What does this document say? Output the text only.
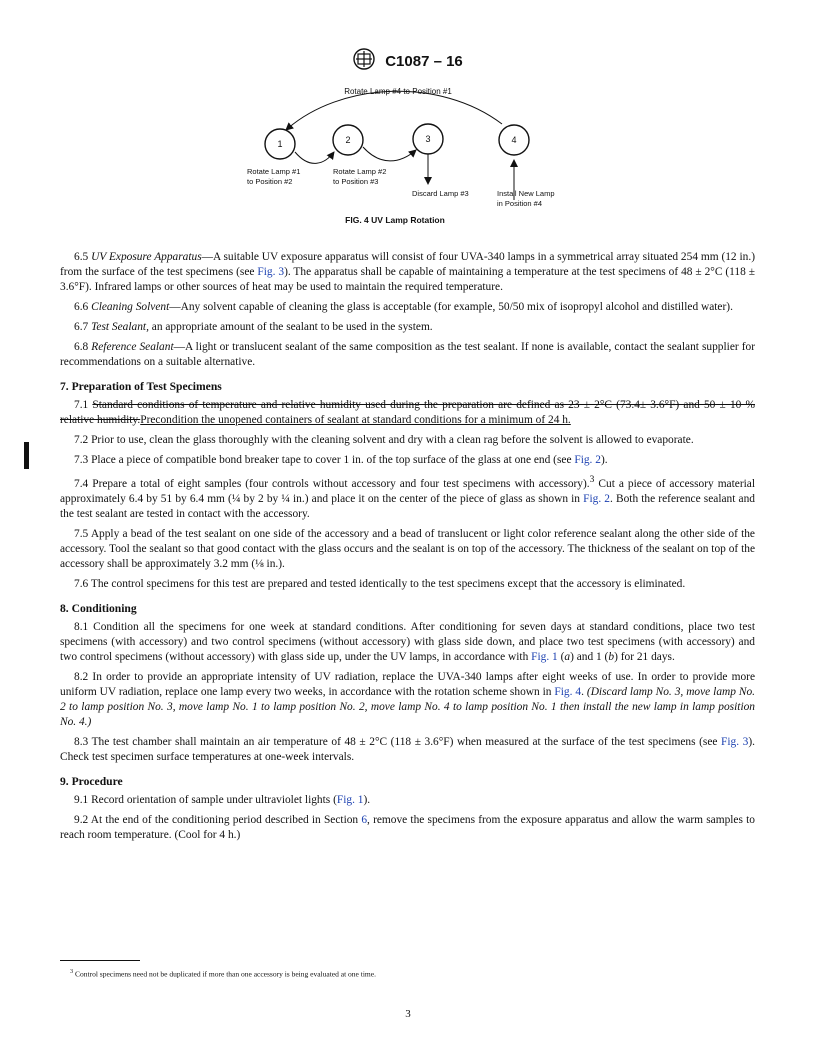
C1087 – 16
Rotate Lamp #4 to Position #1
1	2	3	4
Rotate Lamp #1
to Position #2
Rotate Lamp #2
to Position #3
Discard Lamp #3	Install New Lamp
in Position #4
FIG. 4 UV Lamp Rotation

6.5 UV Exposure Apparatus—A suitable UV exposure apparatus will consist of four UVA-340 lamps in a symmetrical array situated 254 mm (12 in.) from the surface of the test specimens (see Fig. 3). The apparatus shall be capable of maintaining a temperature at the test specimens of 48 ± 2°C (118 ± 3.6°F). Infrared lamps or other sources of heat may be used to maintain the required temperature.

6.6 Cleaning Solvent—Any solvent capable of cleaning the glass is acceptable (for example, 50/50 mix of isopropyl alcohol and distilled water).

6.7 Test Sealant, an appropriate amount of the sealant to be used in the system.

6.8 Reference Sealant—A light or translucent sealant of the same composition as the test sealant. If none is available, contact the sealant supplier for recommendations on a suitable alternative.

7. Preparation of Test Specimens

7.1 Standard conditions of temperature and relative humidity used during the preparation are defined as 23 ± 2°C (73.4± 3.6°F) and 50 ± 10 % relative humidity.Precondition the unopened containers of sealant at standard conditions for a minimum of 24 h.

7.2 Prior to use, clean the glass thoroughly with the cleaning solvent and dry with a clean rag before the solvent is allowed to evaporate.

7.3 Place a piece of compatible bond breaker tape to cover 1 in. of the top surface of the glass at one end (see Fig. 2).

7.4 Prepare a total of eight samples (four controls without accessory and four test specimens with accessory).$^3$ Cut a piece of accessory material approximately 6.4 by 51 by 6.4 mm (¼ by 2 by ¼ in.) and place it on the center of the piece of glass as shown in Fig. 2. Both the reference sealant and the test sealant are tested in contact with the accessory.

7.5 Apply a bead of the test sealant on one side of the accessory and a bead of translucent or light color reference sealant along the other side of the accessory. Tool the sealant so that good contact with the glass occurs and the sealant is on top of the accessory. The thickness of the sealant on top of the accessory shall be approximately 3.2 mm (⅛ in.).

7.6 The control specimens for this test are prepared and tested identically to the test specimens except that the accessory is eliminated.

8. Conditioning

8.1 Condition all the specimens for one week at standard conditions. After conditioning for seven days at standard conditions, place two test specimens (with accessory) and two control specimens (without accessory) with glass side down, and place two test specimens (with accessory) and two control specimens (without accessory) with glass side up, under the UV lamps, in accordance with Fig. 1 (a) and 1 (b) for 21 days.

8.2 In order to provide an appropriate intensity of UV radiation, replace the UVA-340 lamps after eight weeks of use. In order to provide more uniform UV radiation, replace one lamp every two weeks, in accordance with the rotation scheme shown in Fig. 4. (Discard lamp No. 3, move lamp No. 2 to lamp position No. 3, move lamp No. 1 to lamp position No. 2, move lamp No. 4 to lamp position No. 1 then install the new lamp in lamp position No. 4.)

8.3 The test chamber shall maintain an air temperature of 48 ± 2°C (118 ± 3.6°F) when measured at the surface of the test specimens (see Fig. 3). Check test specimen surface temperatures at one-week intervals.

9. Procedure

9.1 Record orientation of sample under ultraviolet lights (Fig. 1).

9.2 At the end of the conditioning period described in Section 6, remove the specimens from the exposure apparatus and allow the warm samples to reach room temperature. (Cool for 4 h.)

$^3$ Control specimens need not be duplicated if more than one accessory is being evaluated at one time.
3
